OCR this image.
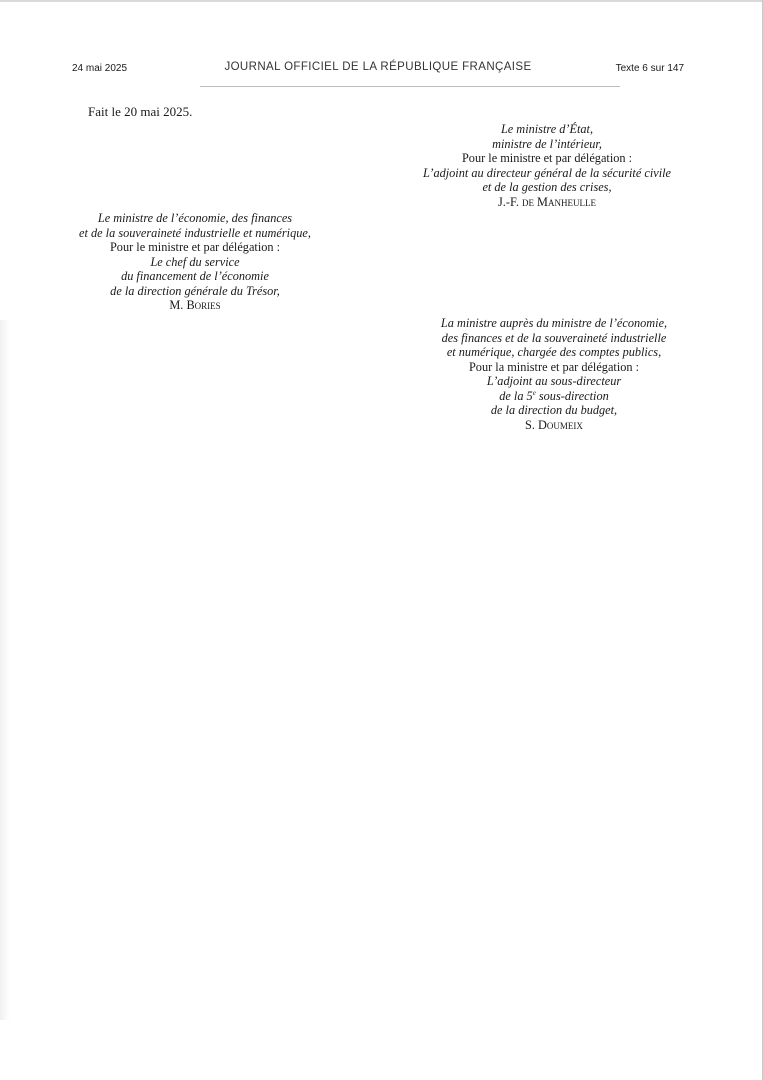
24 mai 2025	JOURNAL OFFICIEL DE LA RÉPUBLIQUE FRANÇAISE	Texte 6 sur 147
Fait le 20 mai 2025.
Le ministre d’État,
ministre de l’intérieur,
Pour le ministre et par délégation :
L’adjoint au directeur général de la sécurité civile
et de la gestion des crises,
J.-F. de Manheulle
Le ministre de l’économie, des finances
et de la souveraineté industrielle et numérique,
Pour le ministre et par délégation :
Le chef du service
du financement de l’économie
de la direction générale du Trésor,
M. Bories
La ministre auprès du ministre de l’économie,
des finances et de la souveraineté industrielle
et numérique, chargée des comptes publics,
Pour la ministre et par délégation :
L’adjoint au sous-directeur
de la 5e sous-direction
de la direction du budget,
S. Doumeix
